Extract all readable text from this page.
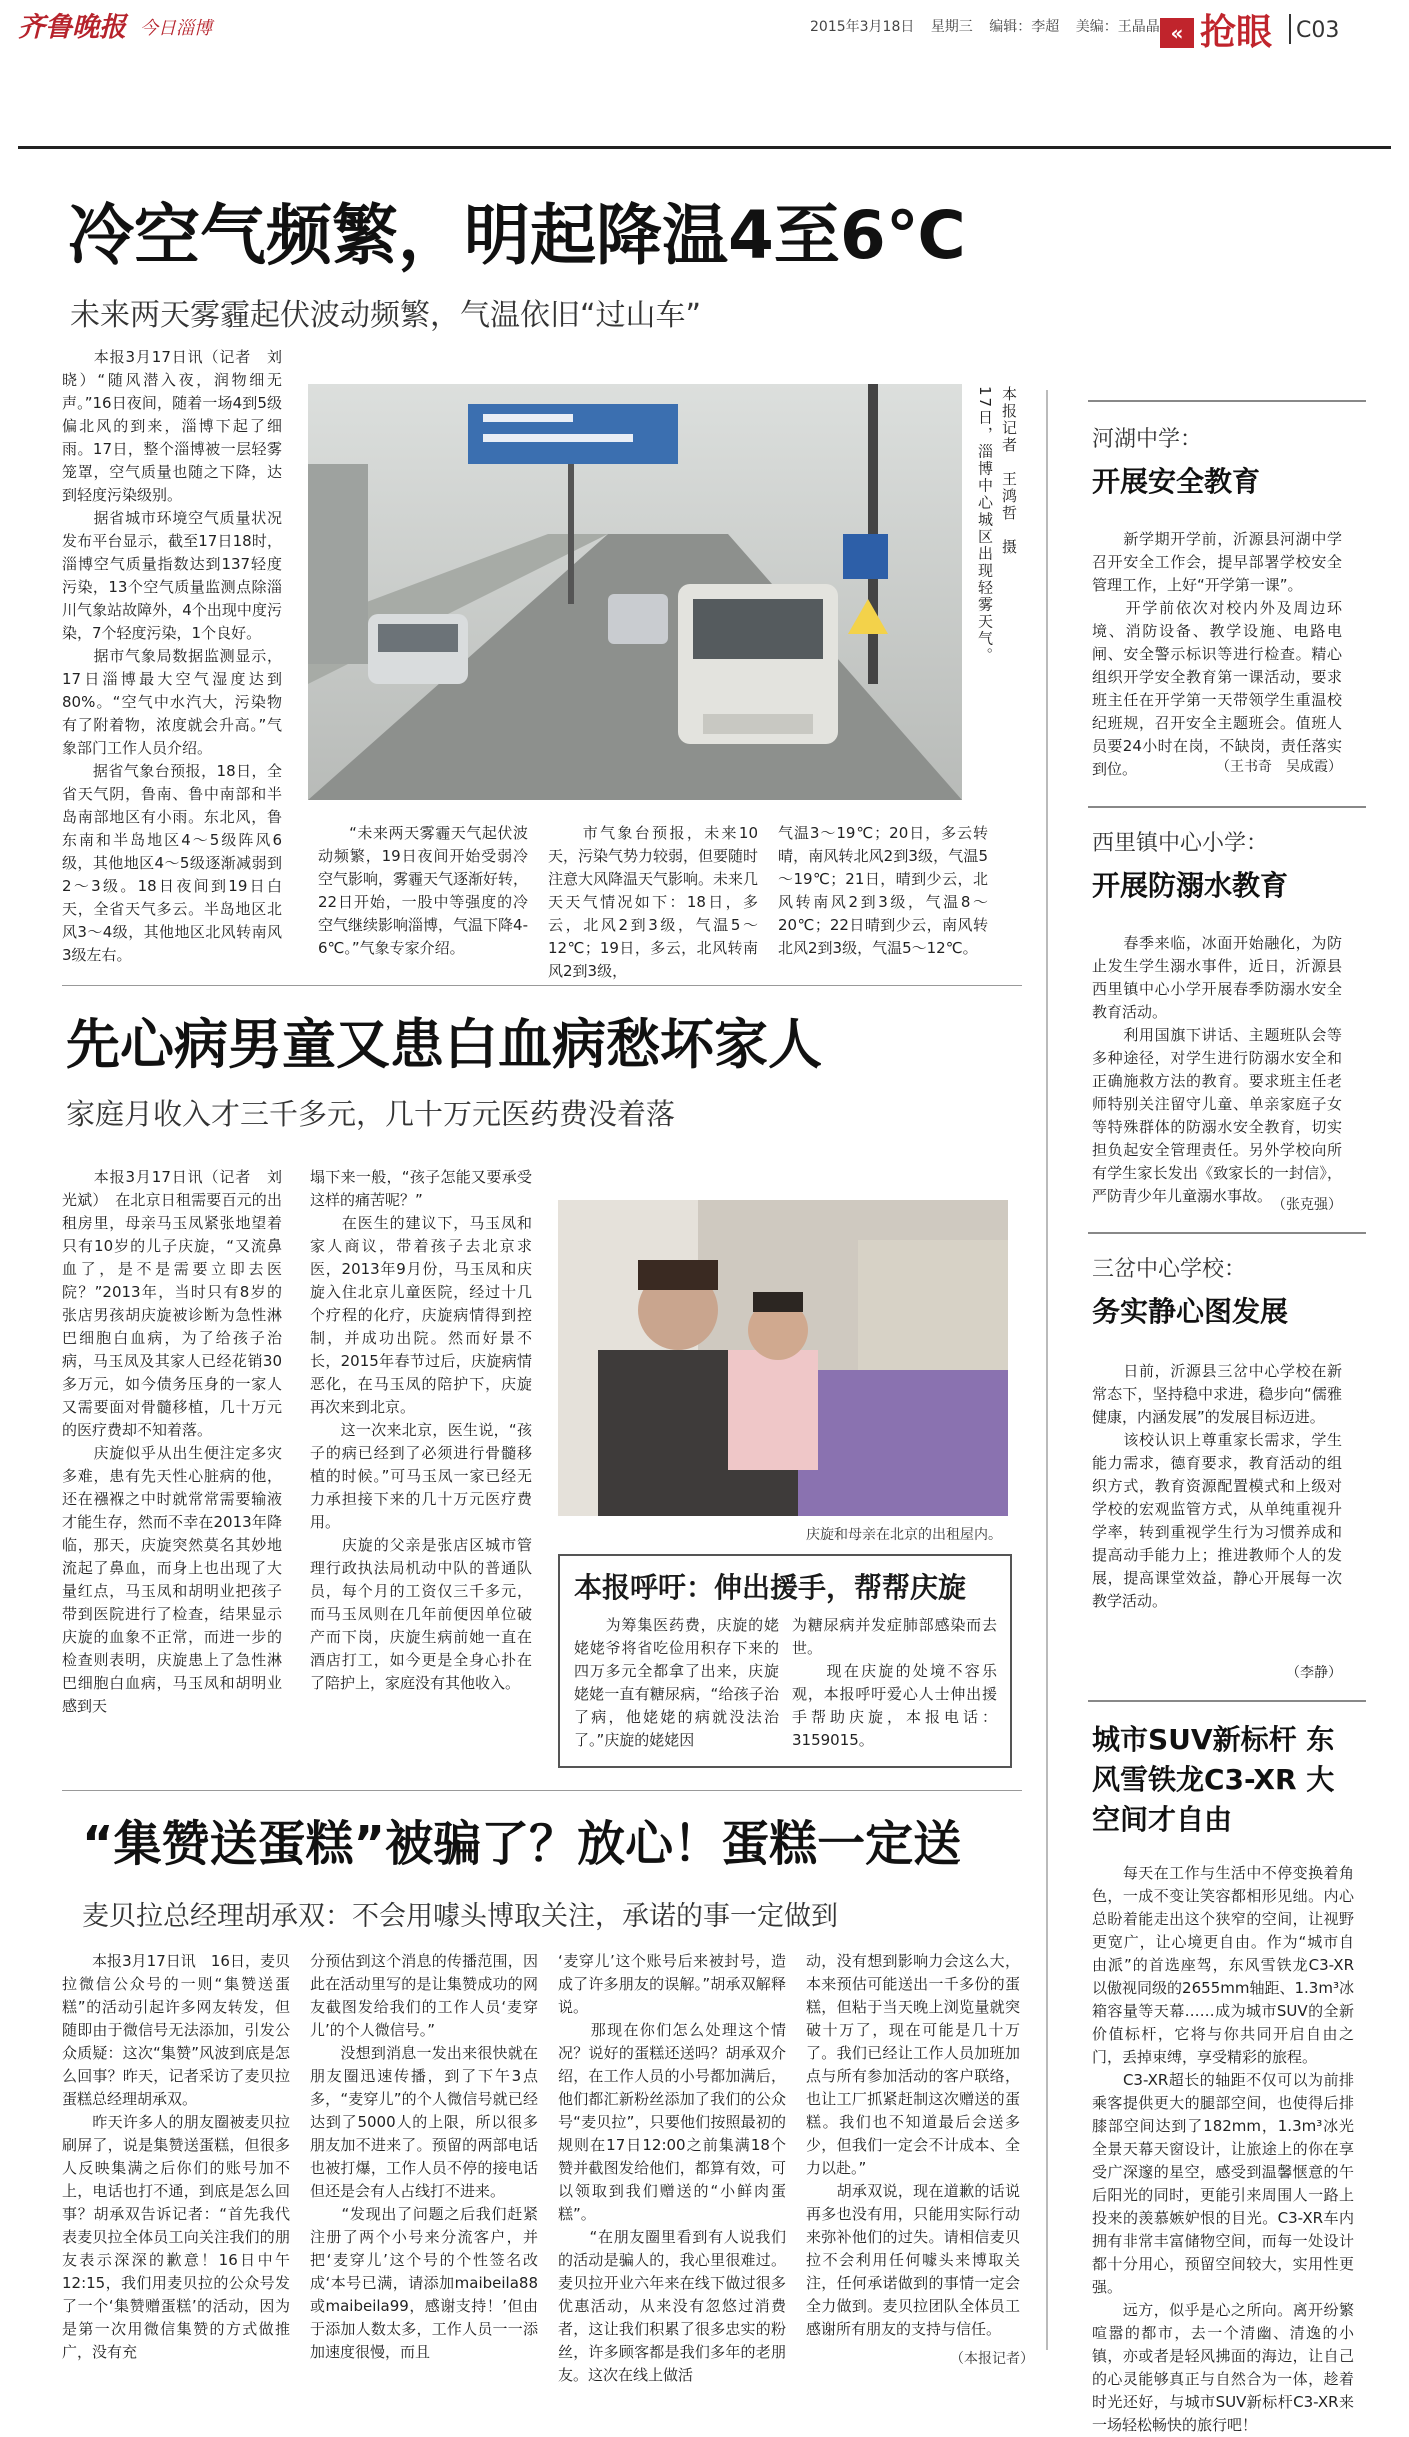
齐鲁晚报 今日淄博	2015年3月18日 星期三 编辑：李超 美编：王晶晶 « 抢眼 C03
冷空气频繁，明起降温4至6℃
未来两天雾霾起伏波动频繁，气温依旧“过山车”
　　本报3月17日讯（记者　刘晓）“随风潜入夜，润物细无声。”16日夜间，随着一场4到5级偏北风的到来，淄博下起了细雨。17日，整个淄博被一层轻雾笼罩，空气质量也随之下降，达到轻度污染级别。
　　据省城市环境空气质量状况发布平台显示，截至17日18时，淄博空气质量指数达到137轻度污染，13个空气质量监测点除淄川气象站故障外，4个出现中度污染，7个轻度污染，1个良好。
　　据市气象局数据监测显示，17日淄博最大空气湿度达到80%。“空气中水汽大，污染物有了附着物，浓度就会升高。”气象部门工作人员介绍。
　　据省气象台预报，18日，全省天气阴，鲁南、鲁中南部和半岛南部地区有小雨。东北风，鲁东南和半岛地区4～5级阵风6级，其他地区4～5级逐渐减弱到2～3级。18日夜间到19日白天，全省天气多云。半岛地区北风3～4级，其他地区北风转南风3级左右。
17日，淄博中心城区出现轻雾天气。 本报记者　王鸿哲　摄
　　“未来两天雾霾天气起伏波动频繁，19日夜间开始受弱冷空气影响，雾霾天气逐渐好转，22日开始，一股中等强度的冷空气继续影响淄博，气温下降4-6℃。”气象专家介绍。
　　市气象台预报，未来10天，污染气势力较弱，但要随时注意大风降温天气影响。未来几天天气情况如下：18日，多云，北风2到3级，气温5～12℃；19日，多云，北风转南风2到3级，
气温3～19℃；20日，多云转晴，南风转北风2到3级，气温5～19℃；21日，晴到少云，北风转南风2到3级，气温8～20℃；22日晴到少云，南风转北风2到3级，气温5～12℃。
先心病男童又患白血病愁坏家人
家庭月收入才三千多元，几十万元医药费没着落
　　本报3月17日讯（记者　刘光斌）　在北京日租需要百元的出租房里，母亲马玉凤紧张地望着只有10岁的儿子庆旋，“又流鼻血了，是不是需要立即去医院？”2013年，当时只有8岁的张店男孩胡庆旋被诊断为急性淋巴细胞白血病，为了给孩子治病，马玉凤及其家人已经花销30多万元，如今债务压身的一家人又需要面对骨髓移植，几十万元的医疗费却不知着落。
　　庆旋似乎从出生便注定多灾多难，患有先天性心脏病的他，还在襁褓之中时就常常需要输液才能生存，然而不幸在2013年降临，那天，庆旋突然莫名其妙地流起了鼻血，而身上也出现了大量红点，马玉凤和胡明业把孩子带到医院进行了检查，结果显示庆旋的血象不正常，而进一步的检查则表明，庆旋患上了急性淋巴细胞白血病，马玉凤和胡明业感到天
塌下来一般，“孩子怎能又要承受这样的痛苦呢？”
　　在医生的建议下，马玉凤和家人商议，带着孩子去北京求医，2013年9月份，马玉凤和庆旋入住北京儿童医院，经过十几个疗程的化疗，庆旋病情得到控制，并成功出院。然而好景不长，2015年春节过后，庆旋病情恶化，在马玉凤的陪护下，庆旋再次来到北京。
　　这一次来北京，医生说，“孩子的病已经到了必须进行骨髓移植的时候。”可马玉凤一家已经无力承担接下来的几十万元医疗费用。
　　庆旋的父亲是张店区城市管理行政执法局机动中队的普通队员，每个月的工资仅三千多元，而马玉凤则在几年前便因单位破产而下岗，庆旋生病前她一直在酒店打工，如今更是全身心扑在了陪护上，家庭没有其他收入。
庆旋和母亲在北京的出租屋内。
本报呼吁：伸出援手，帮帮庆旋
　　为筹集医药费，庆旋的姥姥姥爷将省吃俭用积存下来的四万多元全都拿了出来，庆旋姥姥一直有糖尿病，“给孩子治了病，他姥姥的病就没法治了。”庆旋的姥姥因
为糖尿病并发症肺部感染而去世。
　　现在庆旋的处境不容乐观，本报呼吁爱心人士伸出援手帮助庆旋，本报电话：3159015。
“集赞送蛋糕”被骗了？放心！蛋糕一定送
麦贝拉总经理胡承双：不会用噱头博取关注，承诺的事一定做到
　　本报3月17日讯　16日，麦贝拉微信公众号的一则“集赞送蛋糕”的活动引起许多网友转发，但随即由于微信号无法添加，引发公众质疑：这次“集赞”风波到底是怎么回事？昨天，记者采访了麦贝拉蛋糕总经理胡承双。
　　昨天许多人的朋友圈被麦贝拉刷屏了，说是集赞送蛋糕，但很多人反映集满之后你们的账号加不上，电话也打不通，到底是怎么回事？胡承双告诉记者：“首先我代表麦贝拉全体员工向关注我们的朋友表示深深的歉意！16日中午12:15，我们用麦贝拉的公众号发了一个‘集赞赠蛋糕’的活动，因为是第一次用微信集赞的方式做推广，没有充
分预估到这个消息的传播范围，因此在活动里写的是让集赞成功的网友截图发给我们的工作人员‘麦穿儿’的个人微信号。”
　　没想到消息一发出来很快就在朋友圈迅速传播，到了下午3点多，“麦穿儿”的个人微信号就已经达到了5000人的上限，所以很多朋友加不进来了。预留的两部电话也被打爆，工作人员不停的接电话但还是会有人占线打不进来。
　　“发现出了问题之后我们赶紧注册了两个小号来分流客户，并把‘麦穿儿’这个号的个性签名改成‘本号已满，请添加maibeila88或maibeila99，感谢支持！’但由于添加人数太多，工作人员一一添加速度很慢，而且
‘麦穿儿’这个账号后来被封号，造成了许多朋友的误解。”胡承双解释说。
　　那现在你们怎么处理这个情况？说好的蛋糕还送吗？胡承双介绍，在工作人员的小号都加满后，他们都汇新粉丝添加了我们的公众号“麦贝拉”，只要他们按照最初的规则在17日12:00之前集满18个赞并截图发给他们，都算有效，可以领取到我们赠送的“小鲜肉蛋糕”。
　　“在朋友圈里看到有人说我们的活动是骗人的，我心里很难过。麦贝拉开业六年来在线下做过很多优惠活动，从来没有忽悠过消费者，这让我们积累了很多忠实的粉丝，许多顾客都是我们多年的老朋友。这次在线上做活
动，没有想到影响力会这么大，本来预估可能送出一千多份的蛋糕，但粘于当天晚上浏览量就突破十万了，现在可能是几十万了。我们已经让工作人员加班加点与所有参加活动的客户联络，也让工厂抓紧赶制这次赠送的蛋糕。我们也不知道最后会送多少，但我们一定会不计成本、全力以赴。”
　　胡承双说，现在道歉的话说再多也没有用，只能用实际行动来弥补他们的过失。请相信麦贝拉不会利用任何噱头来博取关注，任何承诺做到的事情一定会全力做到。麦贝拉团队全体员工感谢所有朋友的支持与信任。
（本报记者）
河湖中学：
开展安全教育
　　新学期开学前，沂源县河湖中学召开安全工作会，提早部署学校安全管理工作，上好“开学第一课”。
　　开学前依次对校内外及周边环境、消防设备、教学设施、电路电闸、安全警示标识等进行检查。精心组织开学安全教育第一课活动，要求班主任在开学第一天带领学生重温校纪班规，召开安全主题班会。值班人员要24小时在岗，不缺岗，责任落实到位。	（王书奇　吴成霞）
西里镇中心小学：
开展防溺水教育
　　春季来临，冰面开始融化，为防止发生学生溺水事件，近日，沂源县西里镇中心小学开展春季防溺水安全教育活动。
　　利用国旗下讲话、主题班队会等多种途径，对学生进行防溺水安全和正确施救方法的教育。要求班主任老师特别关注留守儿童、单亲家庭子女等特殊群体的防溺水安全教育，切实担负起安全管理责任。另外学校向所有学生家长发出《致家长的一封信》，严防青少年儿童溺水事故。 （张克强）
三岔中心学校：
务实静心图发展
　　日前，沂源县三岔中心学校在新常态下，坚持稳中求进，稳步向“儒雅健康，内涵发展”的发展目标迈进。
　　该校认识上尊重家长需求，学生能力需求，德育要求，教育活动的组织方式，教育资源配置模式和上级对学校的宏观监管方式，从单纯重视升学率，转到重视学生行为习惯养成和提高动手能力上；推进教师个人的发展，提高课堂效益，静心开展每一次教学活动。
（李静）
城市SUV新标杆 东风雪铁龙C3-XR 大空间才自由
　　每天在工作与生活中不停变换着角色，一成不变让笑容都相形见绌。内心总盼着能走出这个狭窄的空间，让视野更宽广，让心境更自由。作为“城市自由派”的首选座驾，东风雪铁龙C3-XR以傲视同级的2655mm轴距、1.3m³冰箱容量等天幕……成为城市SUV的全新价值标杆，它将与你共同开启自由之门，丢掉束缚，享受精彩的旅程。
　　C3-XR超长的轴距不仅可以为前排乘客提供更大的腿部空间，也使得后排膝部空间达到了182mm，1.3m³冰光全景天幕天窗设计，让旅途上的你在享受广深邃的星空，感受到温馨惬意的午后阳光的同时，更能引来周围人一路上投来的羡慕嫉妒恨的目光。C3-XR车内拥有非常丰富储物空间，而每一处设计都十分用心，预留空间较大，实用性更强。
　　远方，似乎是心之所向。离开纷繁喧嚣的都市，去一个清幽、清逸的小镇，亦或者是轻风拂面的海边，让自己的心灵能够真正与自然合为一体，趁着时光还好，与城市SUV新标杆C3-XR来一场轻松畅快的旅行吧！
